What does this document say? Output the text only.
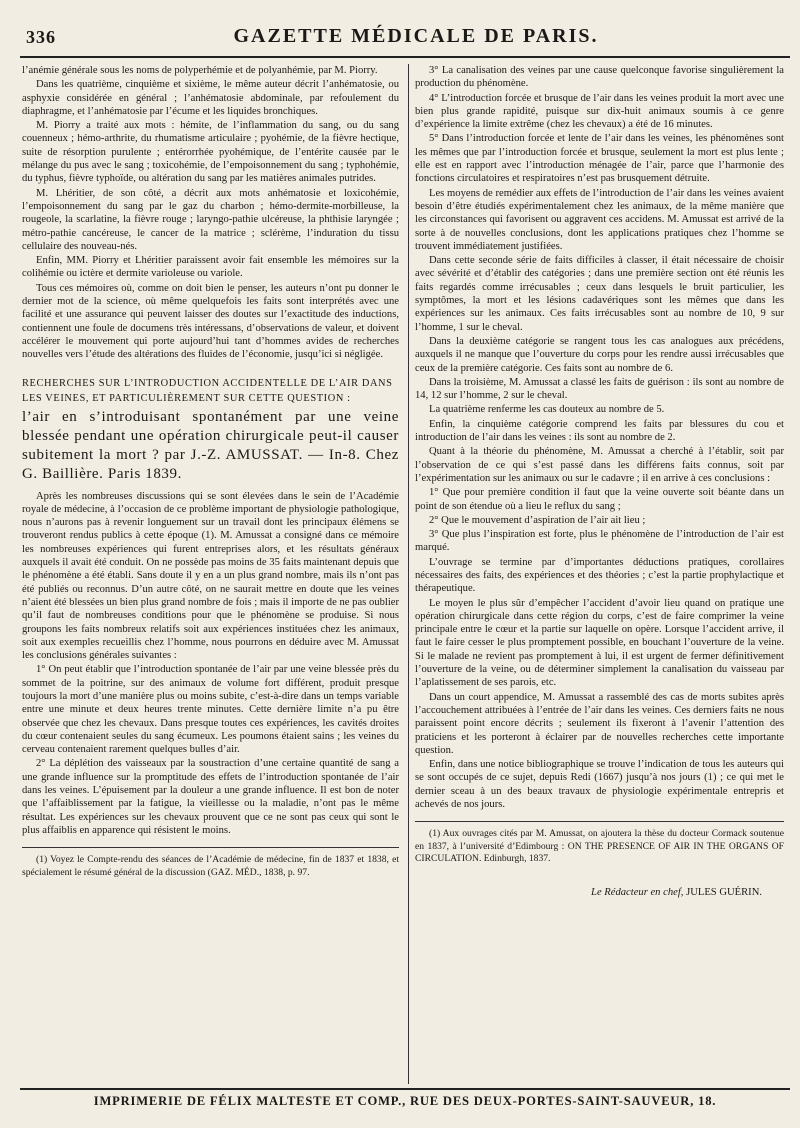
336	GAZETTE MÉDICALE DE PARIS.

l’anémie générale sous les noms de polyperhémie et de polyanhémie, par M. Piorry.

Dans les quatrième, cinquième et sixième, le même auteur décrit l’anhématosie, ou asphyxie considérée en général ; l’anhématosie abdominale, par refoulement du diaphragme, et l’anhématosie par l’écume et les liquides bronchiques.

M. Piorry a traité aux mots : hémite, de l’inflammation du sang, ou du sang couenneux ; hémo-arthrite, du rhumatisme articulaire ; pyohémie, de la fièvre hectique, suite de résorption purulente ; entérorrhée pyohémique, de l’entérite causée par le mélange du pus avec le sang ; toxicohémie, de l’empoisonnement du sang ; typhohémie, du typhus, fièvre typhoïde, ou altération du sang par les matières animales putrides.

M. Lhéritier, de son côté, a décrit aux mots anhématosie et loxicohémie, l’empoisonnement du sang par le gaz du charbon ; hémo-dermite-morbilleuse, la rougeole, la scarlatine, la fièvre rouge ; laryngo-pathie ulcéreuse, la phthisie laryngée ; métro-pathie cancéreuse, le cancer de la matrice ; sclérème, l’induration du tissu cellulaire des nouveau-nés.

Enfin, MM. Piorry et Lhéritier paraissent avoir fait ensemble les mémoires sur la colihémie ou ictère et dermite varioleuse ou variole.

Tous ces mémoires où, comme on doit bien le penser, les auteurs n’ont pu donner le dernier mot de la science, où même quelquefois les faits sont interprétés avec une facilité et une assurance qui peuvent laisser des doutes sur l’exactitude des inductions, contiennent une foule de documens très intéressans, d’observations de valeur, et doivent accélérer le mouvement qui porte aujourd’hui tant d’hommes avides de recherches nouvelles vers l’étude des altérations des fluides de l’économie, jusqu’ici si négligée.

RECHERCHES SUR L’INTRODUCTION ACCIDENTELLE DE L’AIR DANS LES VEINES, ET PARTICULIÈREMENT SUR CETTE QUESTION :
l’air en s’introduisant spontanément par une veine blessée pendant une opération chirurgicale peut-il causer subitement la mort ? par J.-Z. AMUSSAT. — In-8. Chez G. Baillière. Paris 1839.

Après les nombreuses discussions qui se sont élevées dans le sein de l’Académie royale de médecine, à l’occasion de ce problème important de physiologie pathologique, nous n’aurons pas à revenir longuement sur un travail dont les principaux élémens se trouveront rendus publics à cette époque (1). M. Amussat a consigné dans ce mémoire les nombreuses expériences qui furent entreprises alors, et les résultats généraux auxquels il avait été conduit. On ne possède pas moins de 35 faits maintenant depuis que le phénomène a été établi. Sans doute il y en a un plus grand nombre, mais ils n’ont pas été publiés ou reconnus. D’un autre côté, on ne saurait mettre en doute que les veines n’aient été blessées un bien plus grand nombre de fois ; mais il importe de ne pas oublier qu’il faut de nombreuses conditions pour que le phénomène se produise. Si nous groupons les faits nombreux relatifs soit aux expériences instituées chez les animaux, soit aux exemples recueillis chez l’homme, nous pourrons en déduire avec M. Amussat les conclusions générales suivantes :

1° On peut établir que l’introduction spontanée de l’air par une veine blessée près du sommet de la poitrine, sur des animaux de volume fort différent, produit presque toujours la mort d’une manière plus ou moins subite, c’est-à-dire dans un temps variable entre une minute et deux heures trente minutes. Cette dernière limite n’a pu être observée que chez les chevaux. Dans presque toutes ces expériences, les cavités droites du cœur contenaient seules du sang écumeux. Les poumons étaient sains ; les veines du cerveau contenaient rarement quelques bulles d’air.

2° La déplétion des vaisseaux par la soustraction d’une certaine quantité de sang a une grande influence sur la promptitude des effets de l’introduction spontanée de l’air dans les veines. L’épuisement par la douleur a une grande influence. Il est bon de noter que l’affaiblissement par la fatigue, la vieillesse ou la maladie, n’ont pas le même résultat. Les expériences sur les chevaux prouvent que ce ne sont pas ceux qui sont le plus affaiblis en apparence qui résistent le moins.

(1) Voyez le Compte-rendu des séances de l’Académie de médecine, fin de 1837 et 1838, et spécialement le résumé général de la discussion (GAZ. MÉD., 1838, p. 97.

3° La canalisation des veines par une cause quelconque favorise singulièrement la production du phénomène.

4° L’introduction forcée et brusque de l’air dans les veines produit la mort avec une bien plus grande rapidité, puisque sur dix-huit animaux soumis à ce genre d’expérience la limite extrême (chez les chevaux) a été de 16 minutes.

5° Dans l’introduction forcée et lente de l’air dans les veines, les phénomènes sont les mêmes que par l’introduction forcée et brusque, seulement la mort est plus lente ; elle est en rapport avec l’introduction ménagée de l’air, parce que l’harmonie des fonctions circulatoires et respiratoires n’est pas brusquement détruite.

Les moyens de remédier aux effets de l’introduction de l’air dans les veines avaient besoin d’être étudiés expérimentalement chez les animaux, de la même manière que les circonstances qui favorisent ou aggravent ces accidens. M. Amussat est arrivé de la sorte à de nouvelles conclusions, dont les applications pratiques chez l’homme se trouvent immédiatement justifiées.

Dans cette seconde série de faits difficiles à classer, il était nécessaire de choisir avec sévérité et d’établir des catégories ; dans une première section ont été réunis les faits regardés comme irrécusables ; ceux dans lesquels le bruit particulier, les symptômes, la mort et les lésions cadavériques sont les mêmes que dans les expériences sur les animaux. Ces faits irrécusables sont au nombre de 10, 9 sur l’homme, 1 sur le cheval.

Dans la deuxième catégorie se rangent tous les cas analogues aux précédens, auxquels il ne manque que l’ouverture du corps pour les rendre aussi irrécusables que ceux de la première catégorie. Ces faits sont au nombre de 6.

Dans la troisième, M. Amussat a classé les faits de guérison : ils sont au nombre de 14, 12 sur l’homme, 2 sur le cheval.

La quatrième renferme les cas douteux au nombre de 5.

Enfin, la cinquième catégorie comprend les faits par blessures du cou et introduction de l’air dans les veines : ils sont au nombre de 2.

Quant à la théorie du phénomène, M. Amussat a cherché à l’établir, soit par l’observation de ce qui s’est passé dans les différens faits connus, soit par l’expérimentation sur les animaux ou sur le cadavre ; il en arrive à ces conclusions :

1° Que pour première condition il faut que la veine ouverte soit béante dans un point de son étendue où a lieu le reflux du sang ;

2° Que le mouvement d’aspiration de l’air ait lieu ;

3° Que plus l’inspiration est forte, plus le phénomène de l’introduction de l’air est marqué.

L’ouvrage se termine par d’importantes déductions pratiques, corollaires nécessaires des faits, des expériences et des théories ; c’est la partie prophylactique et thérapeutique.

Le moyen le plus sûr d’empêcher l’accident d’avoir lieu quand on pratique une opération chirurgicale dans cette région du corps, c’est de faire comprimer la veine principale entre le cœur et la partie sur laquelle on opère. Lorsque l’accident arrive, il faut le faire cesser le plus promptement possible, en bouchant l’ouverture de la veine. Si le malade ne revient pas promptement à lui, il est urgent de fermer définitivement l’ouverture de la veine, ou de déterminer simplement la canalisation du vaisseau par l’aplatissement de ses parois, etc.

Dans un court appendice, M. Amussat a rassemblé des cas de morts subites après l’accouchement attribuées à l’entrée de l’air dans les veines. Ces derniers faits ne nous paraissent point encore décrits ; seulement ils fixeront à l’avenir l’attention des praticiens et les porteront à éclairer par de nouvelles recherches cette importante question.

Enfin, dans une notice bibliographique se trouve l’indication de tous les auteurs qui se sont occupés de ce sujet, depuis Redi (1667) jusqu’à nos jours (1) ; ce qui met le dernier sceau à un des beaux travaux de physiologie expérimentale entrepris et achevés de nos jours.

(1) Aux ouvrages cités par M. Amussat, on ajoutera la thèse du docteur Cormack soutenue en 1837, à l’université d’Edimbourg : ON THE PRESENCE OF AIR IN THE ORGANS OF CIRCULATION. Edinburgh, 1837.

Le Rédacteur en chef, JULES GUÉRIN.
IMPRIMERIE DE FÉLIX MALTESTE ET COMP., RUE DES DEUX-PORTES-SAINT-SAUVEUR, 18.
